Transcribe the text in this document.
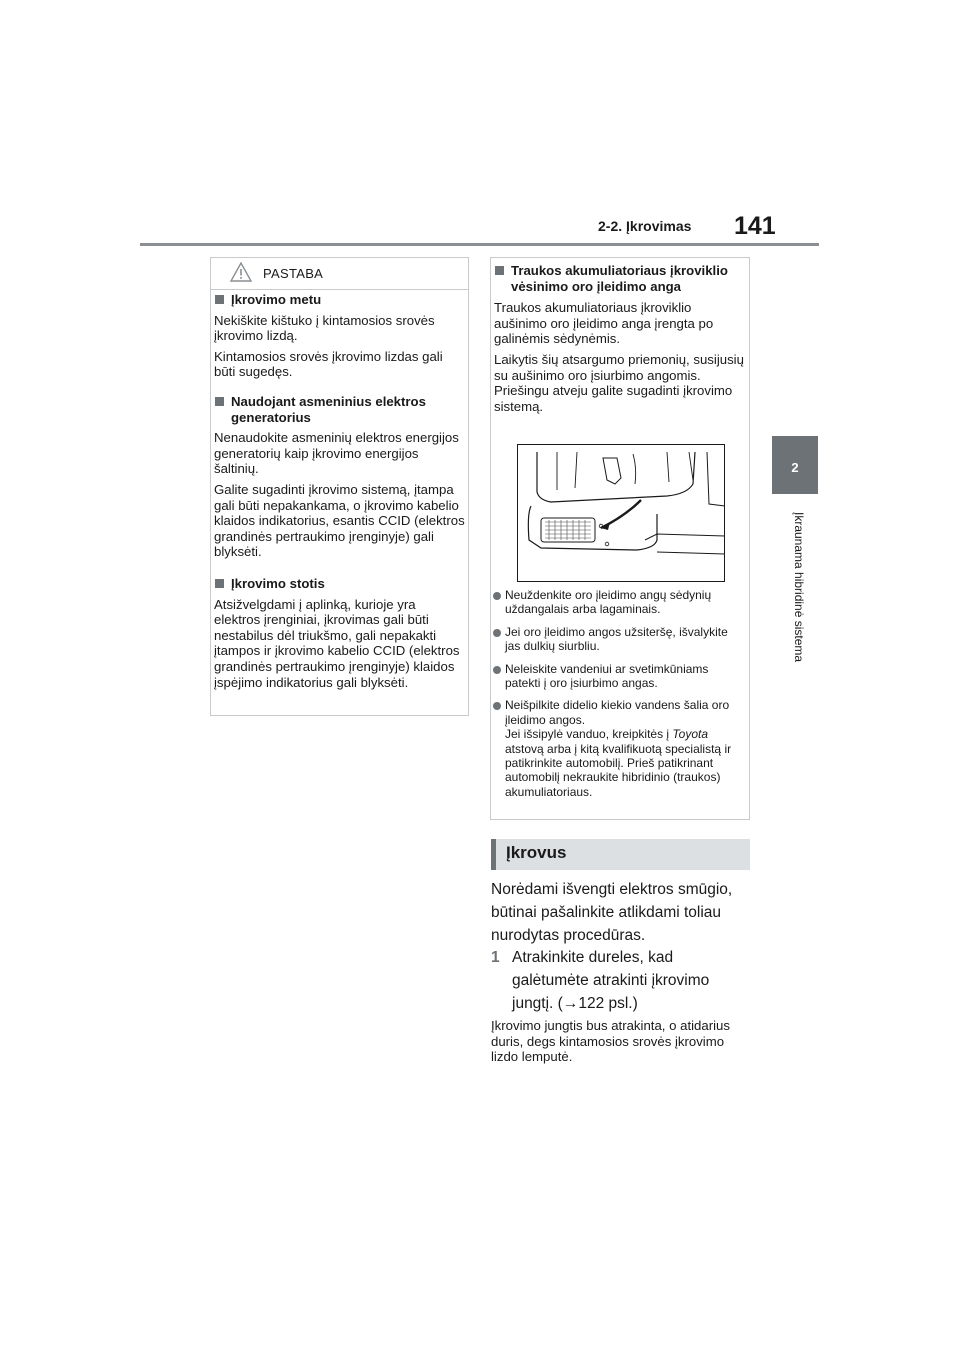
2-2. Įkrovimas 141
2
Įkraunama hibridinė sistema
PASTABA
Įkrovimo metu

Nekiškite kištuko į kintamosios srovės įkrovimo lizdą.

Kintamosios srovės įkrovimo lizdas gali būti sugedęs.

Naudojant asmeninius elektros generatorius

Nenaudokite asmeninių elektros energijos generatorių kaip įkrovimo energijos šaltinių.

Galite sugadinti įkrovimo sistemą, įtampa gali būti nepakankama, o įkrovimo kabelio klaidos indikatorius, esantis CCID (elektros grandinės pertraukimo įrenginyje) gali blyksėti.

Įkrovimo stotis

Atsižvelgdami į aplinką, kurioje yra elektros įrenginiai, įkrovimas gali būti nestabilus dėl triukšmo, gali nepakakti įtampos ir įkrovimo kabelio CCID (elektros grandinės pertraukimo įrenginyje) klaidos įspėjimo indikatorius gali blyksėti.

Traukos akumuliatoriaus įkroviklio vėsinimo oro įleidimo anga

Traukos akumuliatoriaus įkroviklio aušinimo oro įleidimo anga įrengta po galinėmis sėdynėmis.

Laikytis šių atsargumo priemonių, susijusių su aušinimo oro įsiurbimo angomis. Priešingu atveju galite sugadinti įkrovimo sistemą.

Neuždenkite oro įleidimo angų sėdynių uždangalais arba lagaminais.
Jei oro įleidimo angos užsiteršę, išvalykite jas dulkių siurbliu.
Neleiskite vandeniui ar svetimkūniams patekti į oro įsiurbimo angas.
Neišpilkite didelio kiekio vandens šalia oro įleidimo angos.
Jei išsipylė vanduo, kreipkitės į Toyota atstovą arba į kitą kvalifikuotą specialistą ir patikrinkite automobilį. Prieš patikrinant automobilį nekraukite hibridinio (traukos) akumuliatoriaus.
Įkrovus
Norėdami išvengti elektros smūgio, būtinai pašalinkite atlikdami toliau nurodytas procedūras.
1 Atrakinkite dureles, kad galėtumėte atrakinti įkrovimo jungtį. (→122 psl.)
Įkrovimo jungtis bus atrakinta, o atidarius duris, degs kintamosios srovės įkrovimo lizdo lemputė.
